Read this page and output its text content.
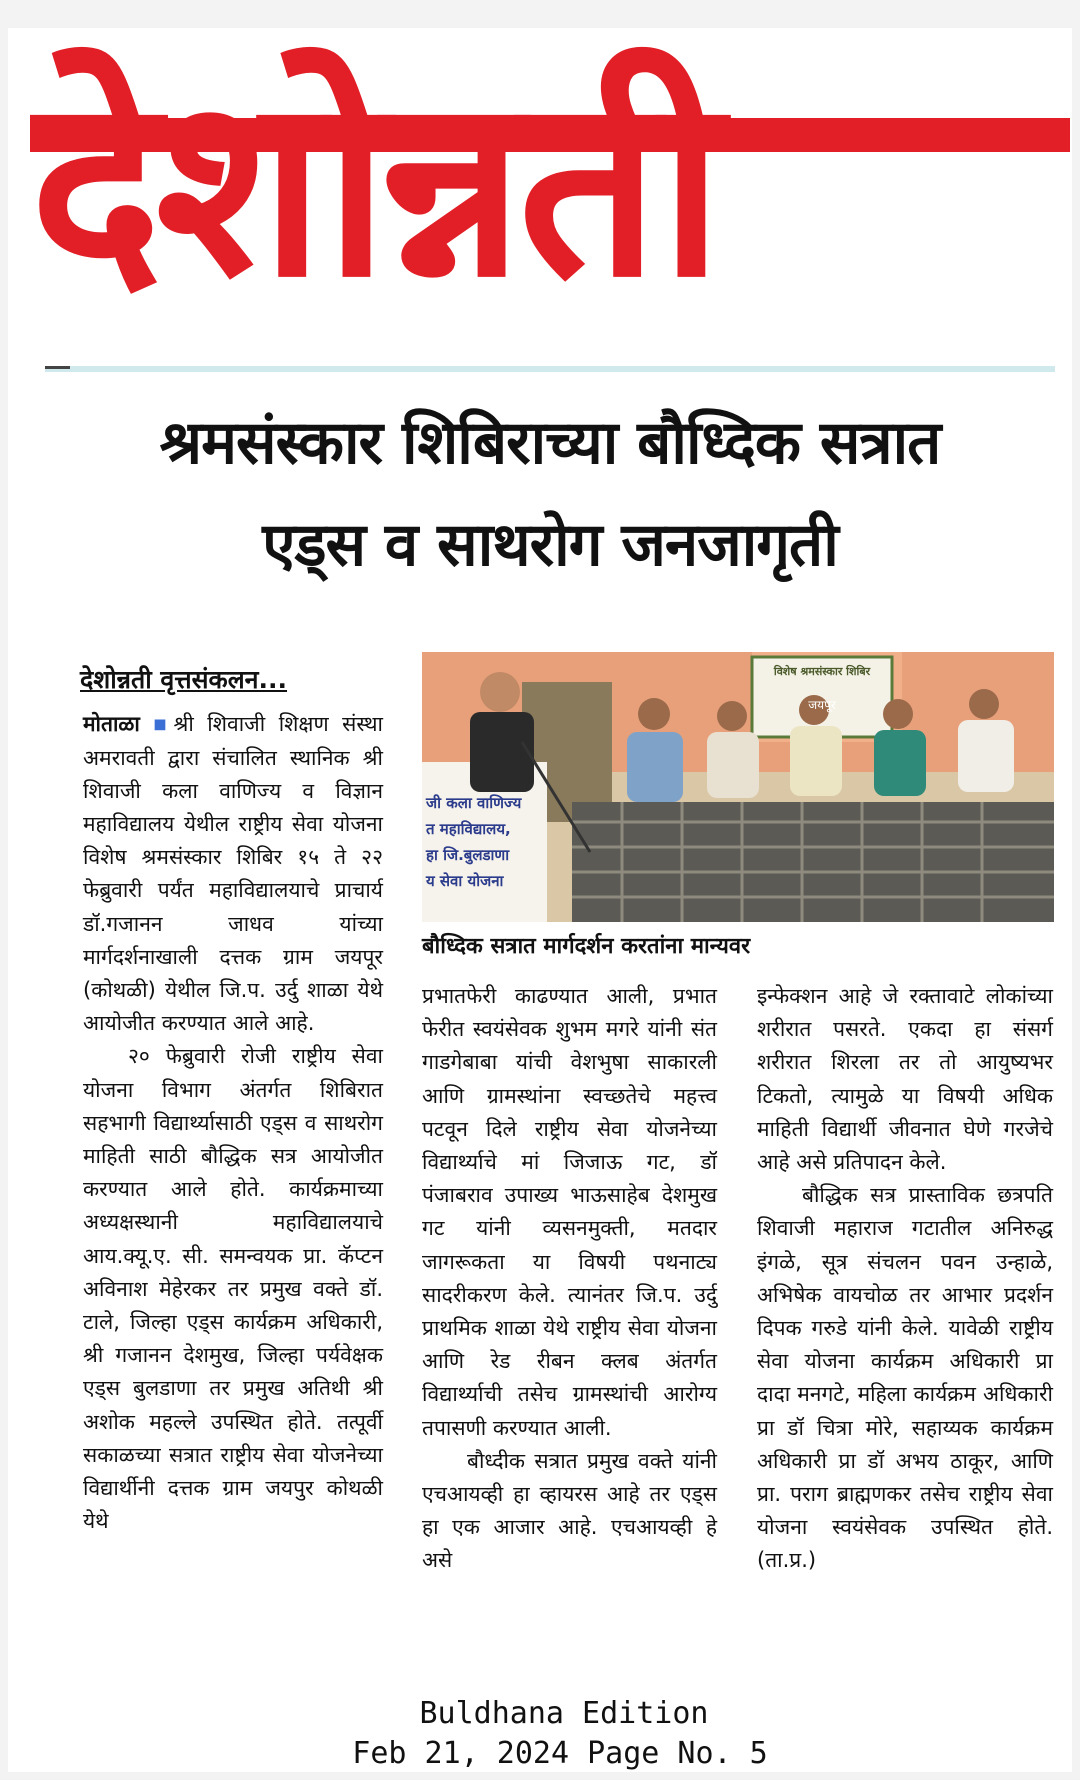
देशोन्नती
श्रमसंस्कार शिबिराच्या बौध्दिक सत्रात
एड्स व साथरोग जनजागृती
देशोन्नती वृत्तसंकलन...

मोताळा ■श्री शिवाजी शिक्षण संस्था अमरावती द्वारा संचालित स्थानिक श्री शिवाजी कला वाणिज्य व विज्ञान महाविद्यालय येथील राष्ट्रीय सेवा योजना विशेष श्रमसंस्कार शिबिर १५ ते २२ फेब्रुवारी पर्यंत महाविद्यालयाचे प्राचार्य डॉ.गजानन जाधव यांच्या मार्गदर्शनाखाली दत्तक ग्राम जयपूर (कोथळी) येथील जि.प. उर्दु शाळा येथे आयोजीत करण्यात आले आहे.

२० फेब्रुवारी रोजी राष्ट्रीय सेवा योजना विभाग अंतर्गत शिबिरात सहभागी विद्यार्थ्यासाठी एड्स व साथरोग माहिती साठी बौद्धिक सत्र आयोजीत करण्यात आले होते. कार्यक्रमाच्या अध्यक्षस्थानी महाविद्यालयाचे आय.क्यू.ए. सी. समन्वयक प्रा. कॅप्टन अविनाश मेहेरकर तर प्रमुख वक्ते डॉ. टाले, जिल्हा एड्स कार्यक्रम अधिकारी, श्री गजानन देशमुख, जिल्हा पर्यवेक्षक एड्स बुलडाणा तर प्रमुख अतिथी श्री अशोक महल्ले उपस्थित होते. तत्पूर्वी सकाळच्या सत्रात राष्ट्रीय सेवा योजनेच्या विद्यार्थीनी दत्तक ग्राम जयपुर कोथळी येथे

जी कला वाणिज्य
त महाविद्यालय,
हा जि.बुलडाणा
य सेवा योजना
विशेष श्रमसंस्कार शिबिर
जयपूर
बौध्दिक सत्रात मार्गदर्शन करतांना मान्यवर

प्रभातफेरी काढण्यात आली, प्रभात फेरीत स्वयंसेवक शुभम मगरे यांनी संत गाडगेबाबा यांची वेशभुषा साकारली आणि ग्रामस्थांना स्वच्छतेचे महत्त्व पटवून दिले राष्ट्रीय सेवा योजनेच्या विद्यार्थ्याचे मां जिजाऊ गट, डॉ पंजाबराव उपाख्य भाऊसाहेब देशमुख गट यांनी व्यसनमुक्ती, मतदार जागरूकता या विषयी पथनाट्य सादरीकरण केले. त्यानंतर जि.प. उर्दु प्राथमिक शाळा येथे राष्ट्रीय सेवा योजना आणि रेड रीबन क्लब अंतर्गत विद्यार्थ्याची तसेच ग्रामस्थांची आरोग्य तपासणी करण्यात आली.

बौध्दीक सत्रात प्रमुख वक्ते यांनी एचआयव्ही हा व्हायरस आहे तर एड्स हा एक आजार आहे. एचआयव्ही हे असे

इन्फेक्शन आहे जे रक्तावाटे लोकांच्या शरीरात पसरते. एकदा हा संसर्ग शरीरात शिरला तर तो आयुष्यभर टिकतो, त्यामुळे या विषयी अधिक माहिती विद्यार्थी जीवनात घेणे गरजेचे आहे असे प्रतिपादन केले.

बौद्धिक सत्र प्रास्ताविक छत्रपति शिवाजी महाराज गटातील अनिरुद्ध इंगळे, सूत्र संचलन पवन उन्हाळे, अभिषेक वायचोळ तर आभार प्रदर्शन दिपक गरुडे यांनी केले. यावेळी राष्ट्रीय सेवा योजना कार्यक्रम अधिकारी प्रा दादा मनगटे, महिला कार्यक्रम अधिकारी प्रा डॉ चित्रा मोरे, सहाय्यक कार्यक्रम अधिकारी प्रा डॉ अभय ठाकूर, आणि प्रा. पराग ब्राह्मणकर तसेच राष्ट्रीय सेवा योजना स्वयंसेवक उपस्थित होते. (ता.प्र.)

Buldhana Edition
Feb 21, 2024 Page No. 5
